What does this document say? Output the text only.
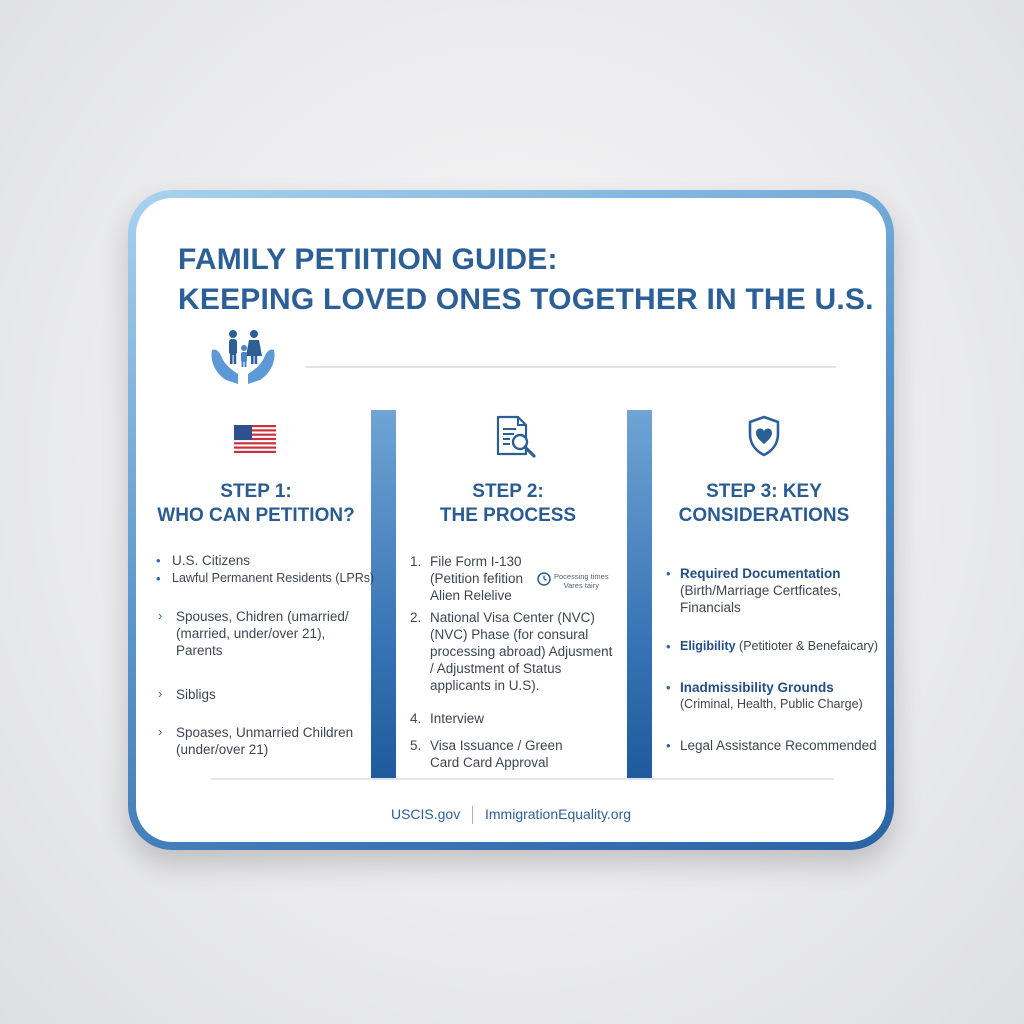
FAMILY PETIITION GUIDE:
KEEPING LOVED ONES TOGETHER IN THE U.S.
STEP 1:
WHO CAN PETITION?
• U.S. Citizens
• Lawful Permanent Residents (LPRs)
› Spouses, Chidren (umarried/
(married, under/over 21),
Parents
› Sibligs
› Spoases, Unmarried Children
(under/over 21)
STEP 2:
THE PROCESS
1. File Form I-130
(Petition fefition
Alien Relelive
Pocessing times
Vares tairy
2. National Visa Center (NVC)
(NVC) Phase (for consural
processing abroad) Adjusment
/ Adjustment of Status
applicants in U.S).
4. Interview
5. Visa Issuance / Green
Card Card Approval
STEP 3: KEY
CONSIDERATIONS
• Required Documentation
(Birth/Marriage Certficates,
Financials
• Eligibility (Petitioter & Benefaicary)
• Inadmissibility Grounds
(Criminal, Health, Public Charge)
• Legal Assistance Recommended
USCIS.gov ImmigrationEquality.org
